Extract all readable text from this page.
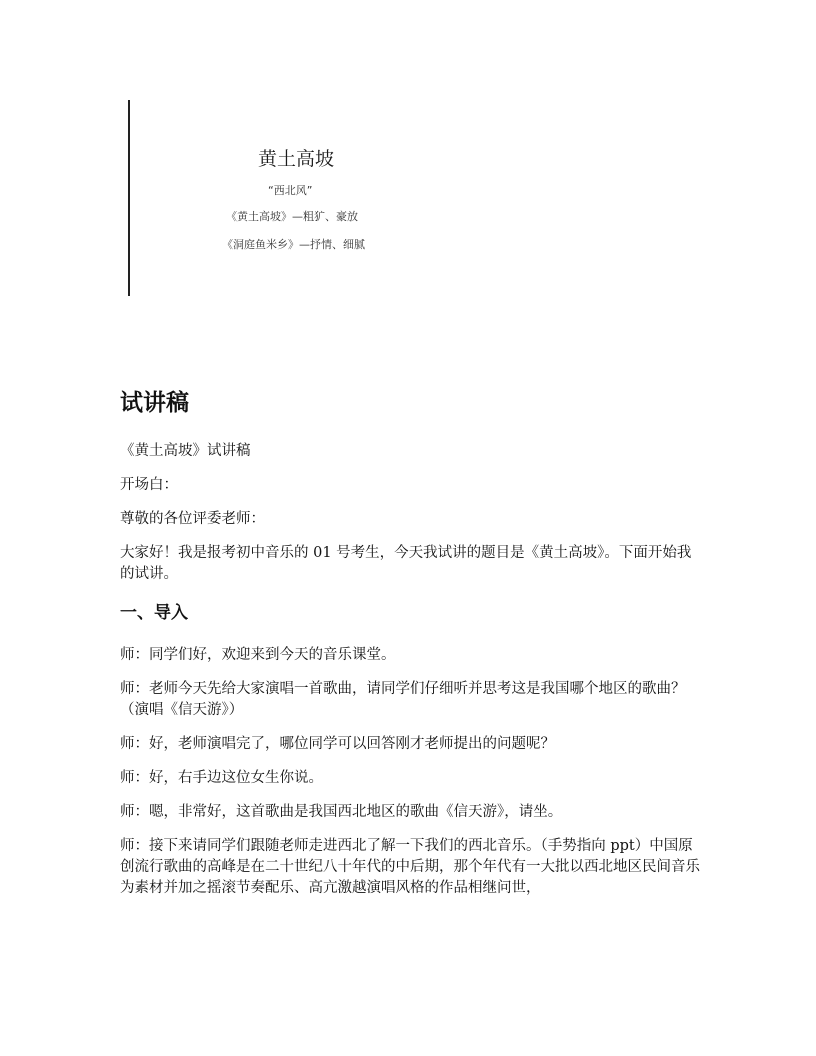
黄土高坡
“西北风”
《黄土高坡》—粗犷、豪放
《洞庭鱼米乡》—抒情、细腻
试讲稿

《黄土高坡》试讲稿

开场白：

尊敬的各位评委老师：

大家好！我是报考初中音乐的 01 号考生，今天我试讲的题目是《黄土高坡》。下面开始我的试讲。

一、导入

师：同学们好，欢迎来到今天的音乐课堂。

师：老师今天先给大家演唱一首歌曲，请同学们仔细听并思考这是我国哪个地区的歌曲？（演唱《信天游》）

师：好，老师演唱完了，哪位同学可以回答刚才老师提出的问题呢？

师：好，右手边这位女生你说。

师：嗯，非常好，这首歌曲是我国西北地区的歌曲《信天游》，请坐。

师：接下来请同学们跟随老师走进西北了解一下我们的西北音乐。（手势指向 ppt）中国原创流行歌曲的高峰是在二十世纪八十年代的中后期，那个年代有一大批以西北地区民间音乐为素材并加之摇滚节奏配乐、高亢激越演唱风格的作品相继问世，
